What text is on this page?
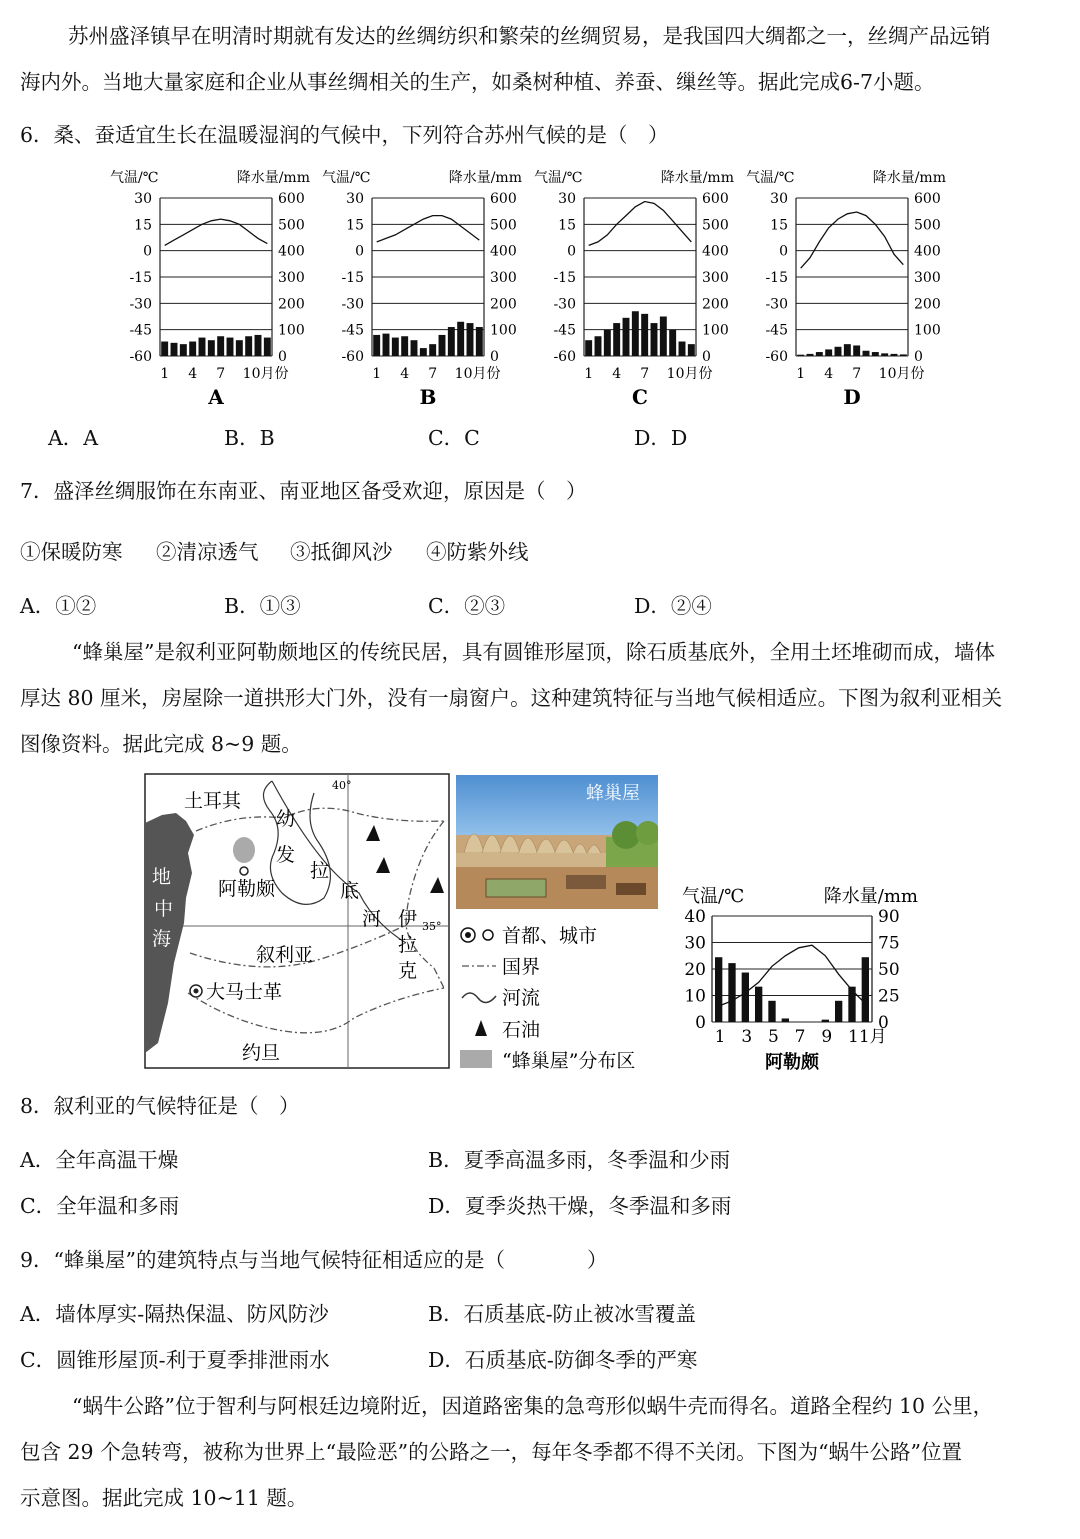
苏州盛泽镇早在明清时期就有发达的丝绸纺织和繁荣的丝绸贸易，是我国四大绸都之一，丝绸产品远销
海内外。当地大量家庭和企业从事丝绸相关的生产，如桑树种植、养蚕、缫丝等。据此完成6-7小题。
6．桑、蚕适宜生长在温暖湿润的气候中，下列符合苏州气候的是（　）
气温/℃	降水量/mm
30	600
15	500
0	400
-15	300
-30	200
-45	100
-60	0
1 4 7 10月份
A
气温/℃	降水量/mm
30	600
15	500
0	400
-15	300
-30	200
-45	100
-60	0
1 4 7 10月份
B
气温/℃	降水量/mm
30	600
15	500
0	400
-15	300
-30	200
-45	100
-60	0
1 4 7 10月份
C
气温/℃	降水量/mm
30	600
15	500
0	400
-15	300
-30	200
-45	100
-60	0
1 4 7 10月份
D
A．A	B．B	C．C	D．D
7．盛泽丝绸服饰在东南亚、南亚地区备受欢迎，原因是（　）
①保暖防寒 ②清凉透气 ③抵御风沙 ④防紫外线
A．①②	B．①③	C．②③	D．②④
“蜂巢屋”是叙利亚阿勒颇地区的传统民居，具有圆锥形屋顶，除石质基底外，全用土坯堆砌而成，墙体
厚达 80 厘米，房屋除一道拱形大门外，没有一扇窗户。这种建筑特征与当地气候相适应。下图为叙利亚相关
图像资料。据此完成 8~9 题。
土耳其
40°
35°
地
中
海
幼
发
拉
底
河
阿勒颇
叙利亚
大马士革
约旦
伊
拉
克
蜂巢屋
首都、城市
国界
河流
石油
“蜂巢屋”分布区
气温/℃	降水量/mm
40	90
30	75
20	50
10	25
0	0
1 3 5 7 9 11月
阿勒颇
8．叙利亚的气候特征是（　）
A．全年高温干燥	B．夏季高温多雨，冬季温和少雨
C．全年温和多雨	D．夏季炎热干燥，冬季温和多雨
9．“蜂巢屋”的建筑特点与当地气候特征相适应的是（　　　　）
A．墙体厚实-隔热保温、防风防沙	B．石质基底-防止被冰雪覆盖
C．圆锥形屋顶-利于夏季排泄雨水	D．石质基底-防御冬季的严寒
“蜗牛公路”位于智利与阿根廷边境附近，因道路密集的急弯形似蜗牛壳而得名。道路全程约 10 公里，
包含 29 个急转弯，被称为世界上“最险恶”的公路之一，每年冬季都不得不关闭。下图为“蜗牛公路”位置
示意图。据此完成 10~11 题。
